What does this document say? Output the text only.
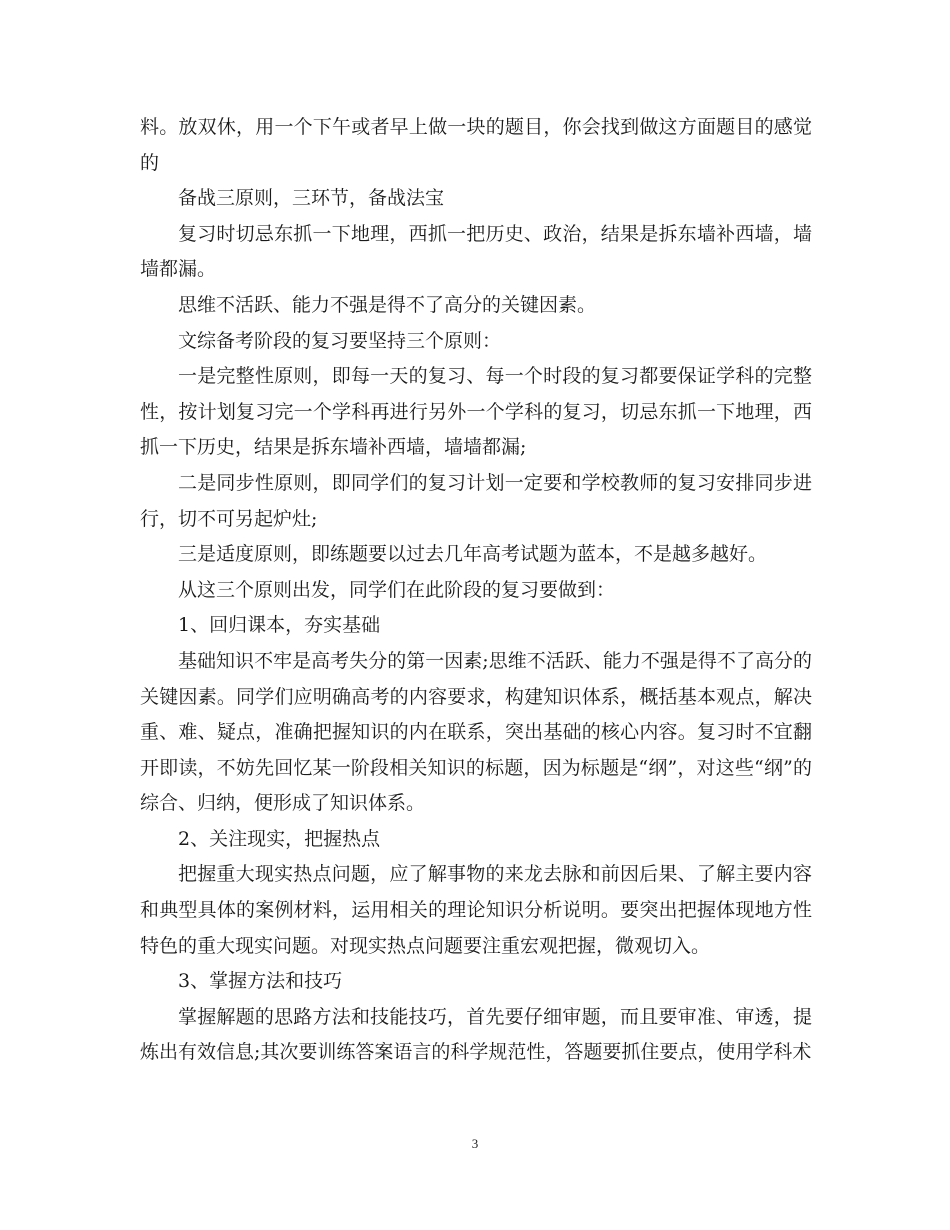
料。放双休，用一个下午或者早上做一块的题目，你会找到做这方面题目的感觉的

备战三原则，三环节，备战法宝

复习时切忌东抓一下地理，西抓一把历史、政治，结果是拆东墙补西墙，墙墙都漏。

思维不活跃、能力不强是得不了高分的关键因素。

文综备考阶段的复习要坚持三个原则：

一是完整性原则，即每一天的复习、每一个时段的复习都要保证学科的完整性，按计划复习完一个学科再进行另外一个学科的复习，切忌东抓一下地理，西抓一下历史，结果是拆东墙补西墙，墙墙都漏;

二是同步性原则，即同学们的复习计划一定要和学校教师的复习安排同步进行，切不可另起炉灶;

三是适度原则，即练题要以过去几年高考试题为蓝本，不是越多越好。

从这三个原则出发，同学们在此阶段的复习要做到：

1、回归课本，夯实基础

基础知识不牢是高考失分的第一因素;思维不活跃、能力不强是得不了高分的关键因素。同学们应明确高考的内容要求，构建知识体系，概括基本观点，解决重、难、疑点，准确把握知识的内在联系，突出基础的核心内容。复习时不宜翻开即读，不妨先回忆某一阶段相关知识的标题，因为标题是“纲”，对这些“纲”的综合、归纳，便形成了知识体系。

2、关注现实，把握热点

把握重大现实热点问题，应了解事物的来龙去脉和前因后果、了解主要内容和典型具体的案例材料，运用相关的理论知识分析说明。要突出把握体现地方性特色的重大现实问题。对现实热点问题要注重宏观把握，微观切入。

3、掌握方法和技巧

掌握解题的思路方法和技能技巧，首先要仔细审题，而且要审准、审透，提炼出有效信息;其次要训练答案语言的科学规范性，答题要抓住要点，使用学科术

3
